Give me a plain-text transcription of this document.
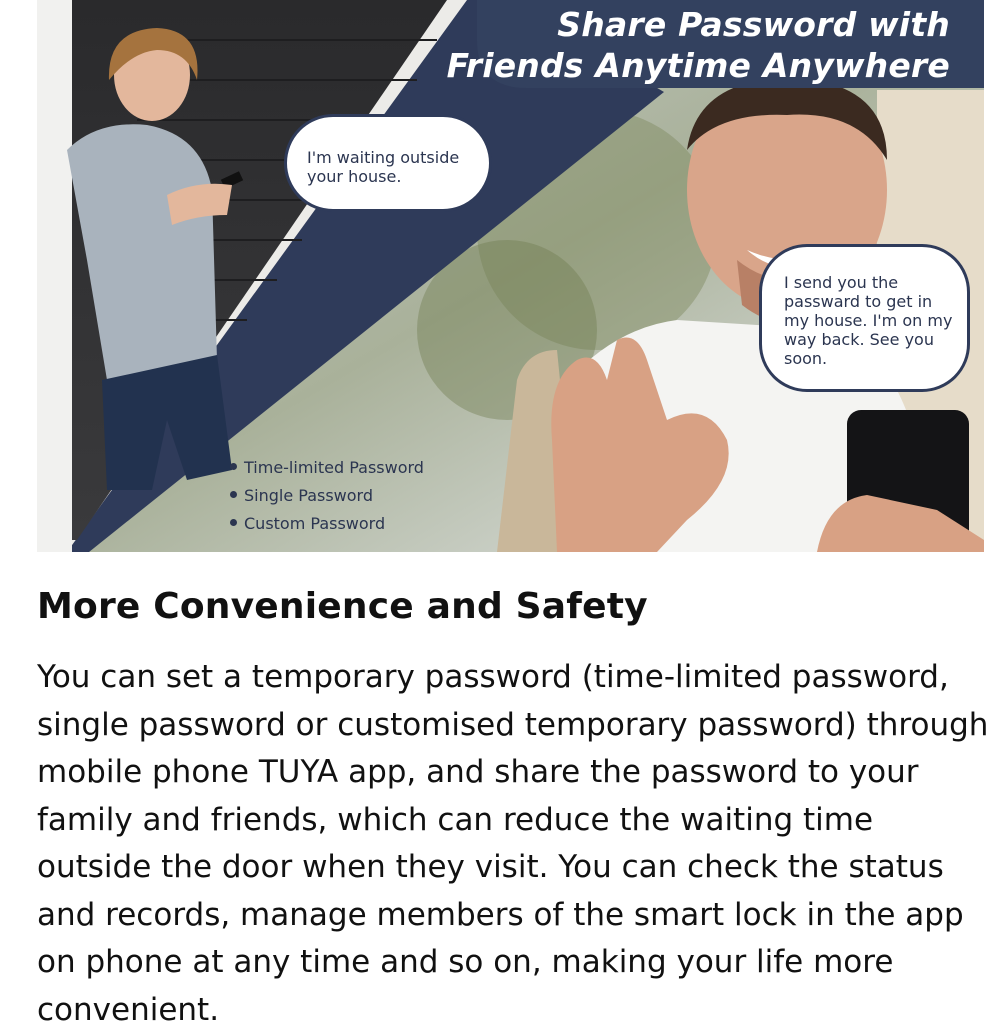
Share Password with
Friends Anytime Anywhere
I'm waiting outside your house.
I send you the passward to get in my house. I'm on my way back. See you soon.
Time-limited Password
Single Password
Custom Password
More Convenience and Safety

You can set a temporary password (time-limited password, single password or customised temporary password) through mobile phone TUYA app, and share the password to your family and friends, which can reduce the waiting time outside the door when they visit. You can check the status and records, manage members of the smart lock in the app on phone at any time and so on, making your life more convenient.
